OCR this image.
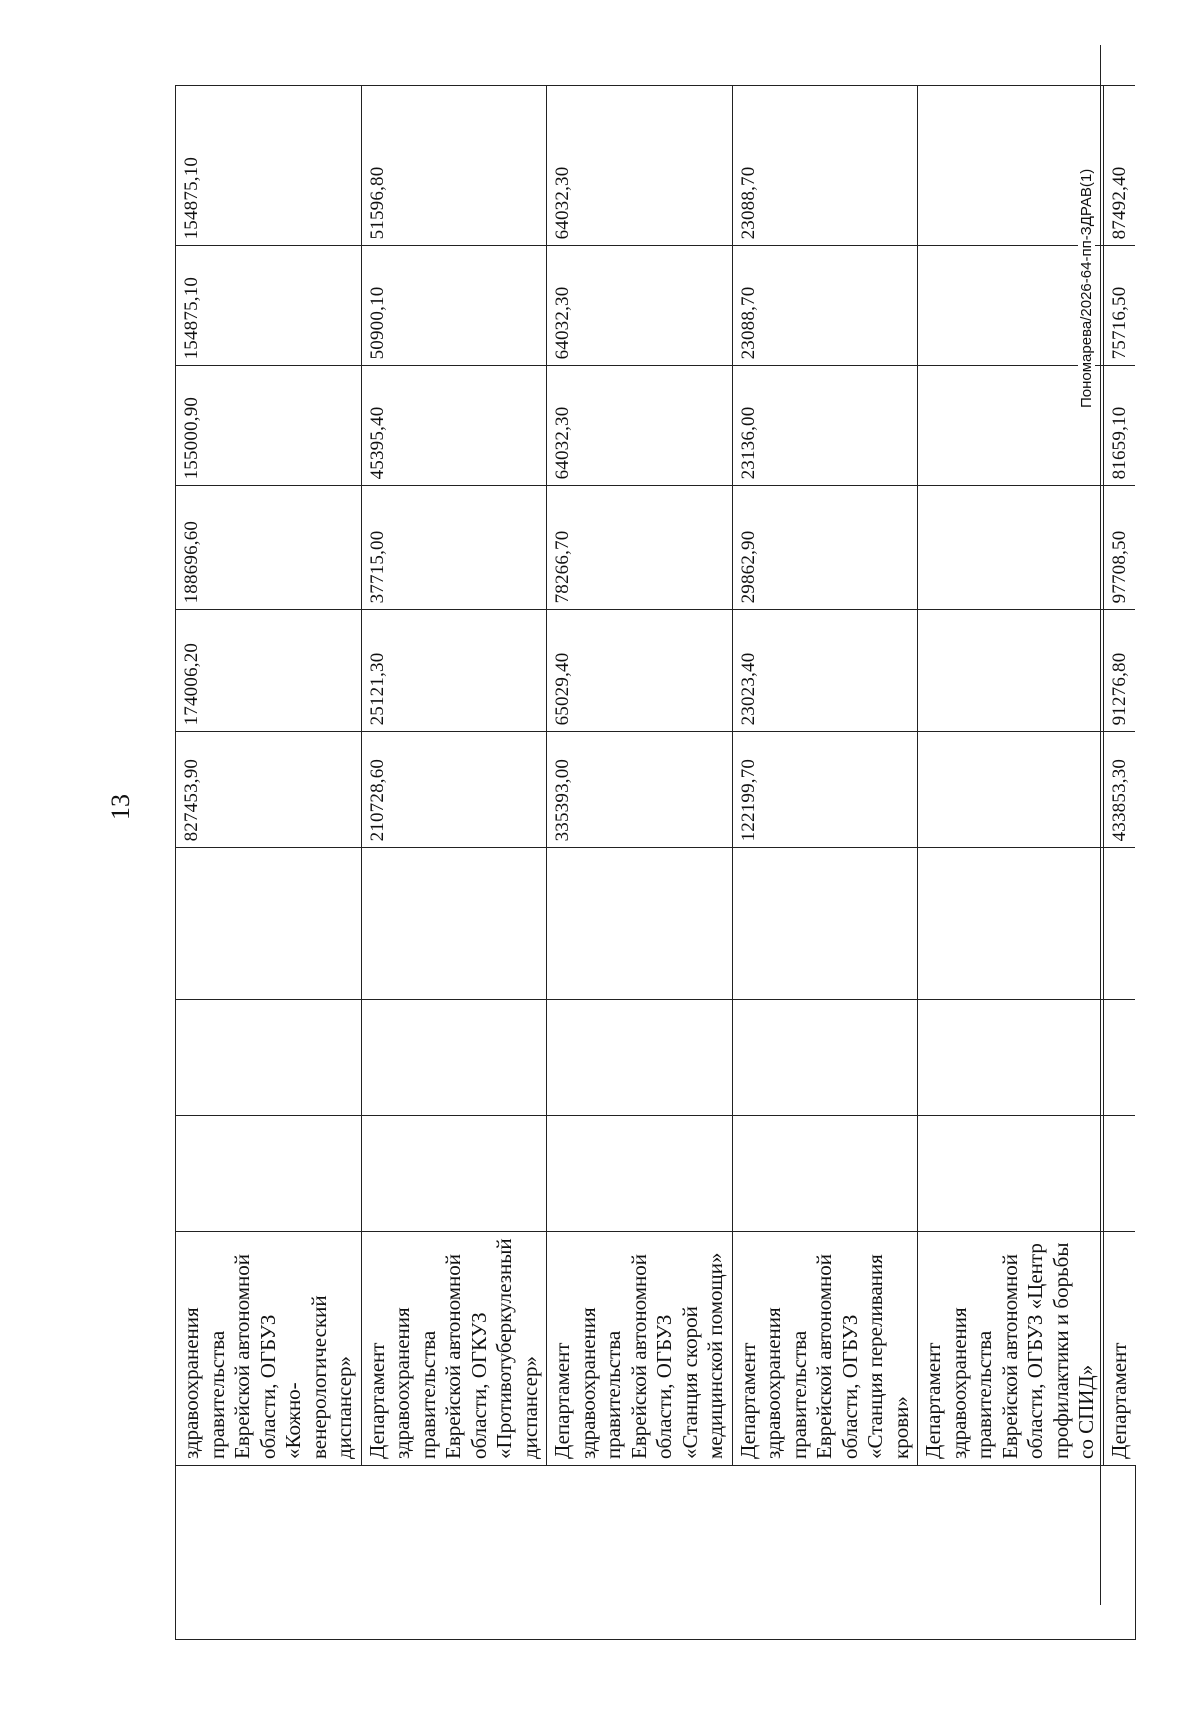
13
	здравоохранения правительства Еврейской автономной области, ОГБУЗ «Кожно-венерологический диспансер»				827453,90	174006,20	188696,60	155000,90	154875,10	154875,10
	Департамент здравоохранения правительства Еврейской автономной области, ОГКУЗ «Противотуберкулезный диспансер»				210728,60	25121,30	37715,00	45395,40	50900,10	51596,80
	Департамент здравоохранения правительства Еврейской автономной области, ОГБУЗ «Станция скорой медицинской помощи»				335393,00	65029,40	78266,70	64032,30	64032,30	64032,30
	Департамент здравоохранения правительства Еврейской автономной области, ОГБУЗ «Станция переливания крови»				122199,70	23023,40	29862,90	23136,00	23088,70	23088,70
	Департамент здравоохранения правительства Еврейской автономной области, ОГБУЗ «Центр профилактики и борьбы со СПИД»									
	Департамент				433853,30	91276,80	97708,50	81659,10	75716,50	87492,40
Пономарева/2026-64-пп-ЗДРАВ(1)
